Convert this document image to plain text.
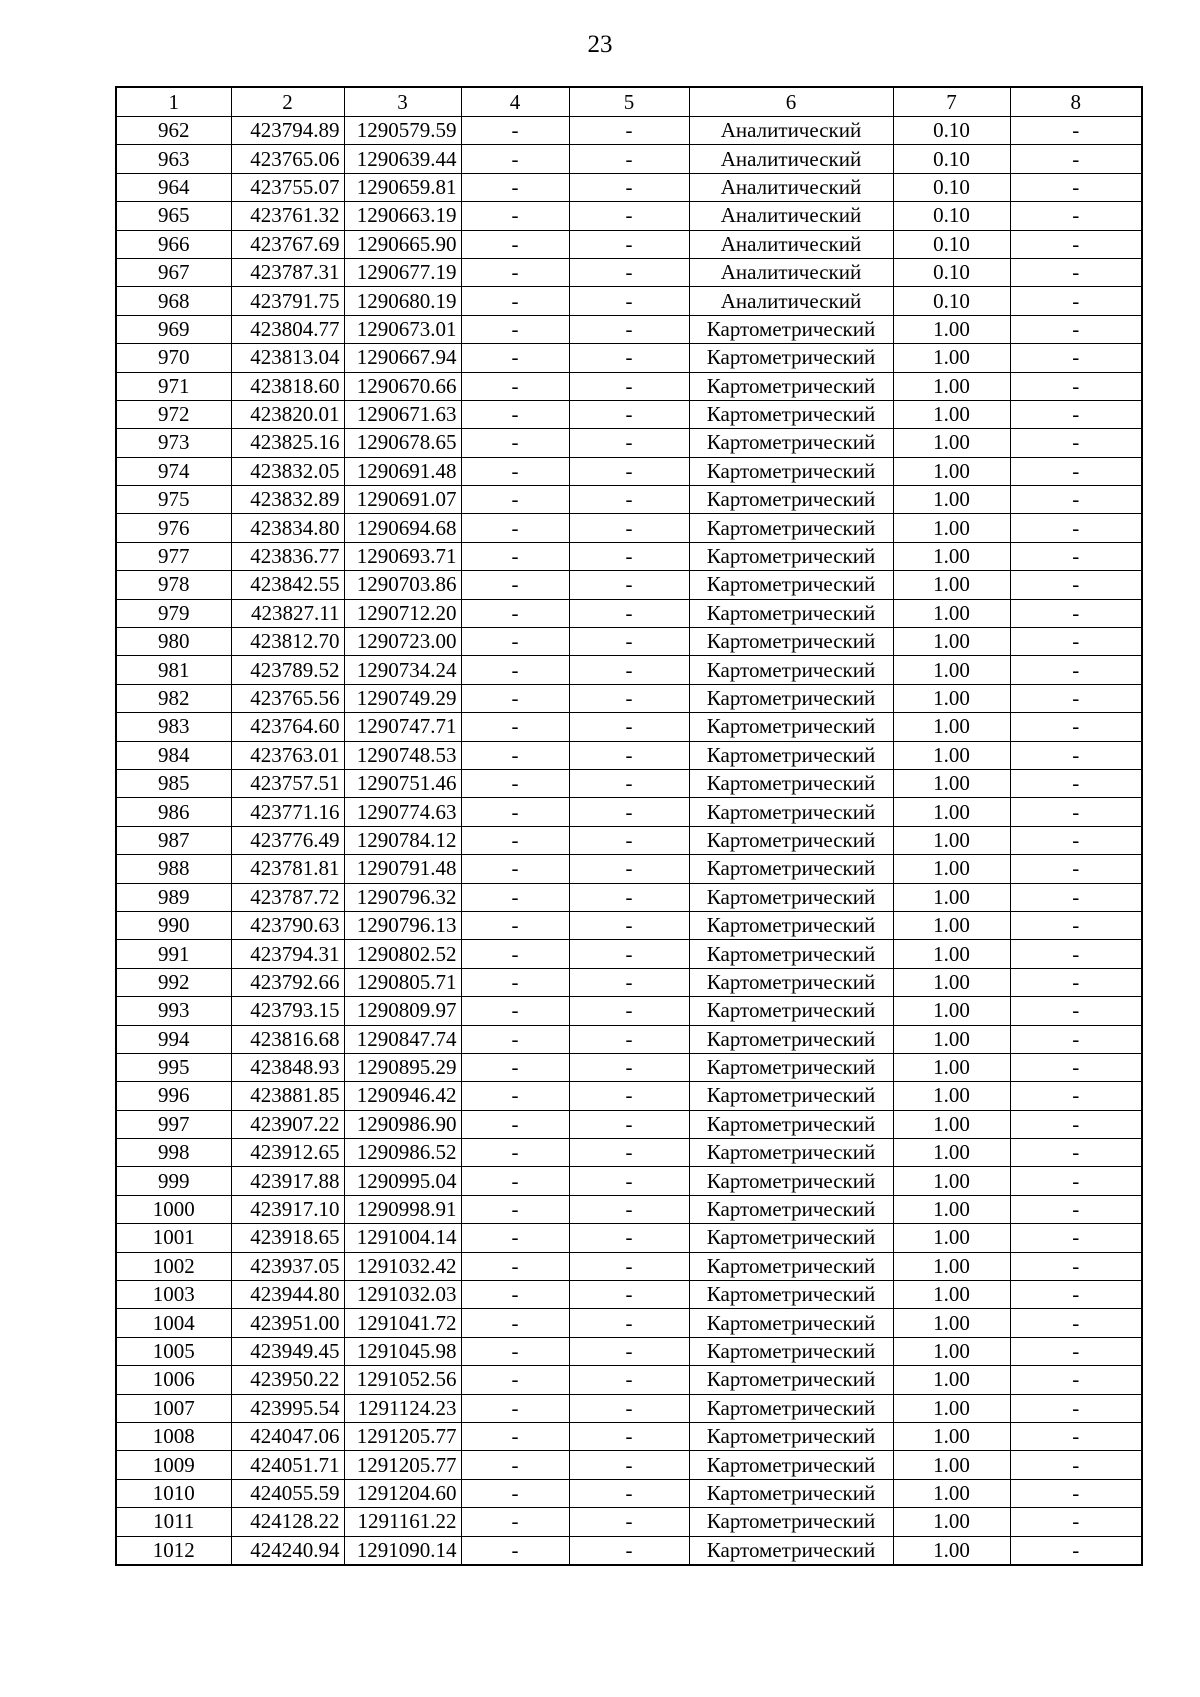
23
1	2	3	4	5	6	7	8
962	423794.89	1290579.59	-	-	Аналитический	0.10	-
963	423765.06	1290639.44	-	-	Аналитический	0.10	-
964	423755.07	1290659.81	-	-	Аналитический	0.10	-
965	423761.32	1290663.19	-	-	Аналитический	0.10	-
966	423767.69	1290665.90	-	-	Аналитический	0.10	-
967	423787.31	1290677.19	-	-	Аналитический	0.10	-
968	423791.75	1290680.19	-	-	Аналитический	0.10	-
969	423804.77	1290673.01	-	-	Картометрический	1.00	-
970	423813.04	1290667.94	-	-	Картометрический	1.00	-
971	423818.60	1290670.66	-	-	Картометрический	1.00	-
972	423820.01	1290671.63	-	-	Картометрический	1.00	-
973	423825.16	1290678.65	-	-	Картометрический	1.00	-
974	423832.05	1290691.48	-	-	Картометрический	1.00	-
975	423832.89	1290691.07	-	-	Картометрический	1.00	-
976	423834.80	1290694.68	-	-	Картометрический	1.00	-
977	423836.77	1290693.71	-	-	Картометрический	1.00	-
978	423842.55	1290703.86	-	-	Картометрический	1.00	-
979	423827.11	1290712.20	-	-	Картометрический	1.00	-
980	423812.70	1290723.00	-	-	Картометрический	1.00	-
981	423789.52	1290734.24	-	-	Картометрический	1.00	-
982	423765.56	1290749.29	-	-	Картометрический	1.00	-
983	423764.60	1290747.71	-	-	Картометрический	1.00	-
984	423763.01	1290748.53	-	-	Картометрический	1.00	-
985	423757.51	1290751.46	-	-	Картометрический	1.00	-
986	423771.16	1290774.63	-	-	Картометрический	1.00	-
987	423776.49	1290784.12	-	-	Картометрический	1.00	-
988	423781.81	1290791.48	-	-	Картометрический	1.00	-
989	423787.72	1290796.32	-	-	Картометрический	1.00	-
990	423790.63	1290796.13	-	-	Картометрический	1.00	-
991	423794.31	1290802.52	-	-	Картометрический	1.00	-
992	423792.66	1290805.71	-	-	Картометрический	1.00	-
993	423793.15	1290809.97	-	-	Картометрический	1.00	-
994	423816.68	1290847.74	-	-	Картометрический	1.00	-
995	423848.93	1290895.29	-	-	Картометрический	1.00	-
996	423881.85	1290946.42	-	-	Картометрический	1.00	-
997	423907.22	1290986.90	-	-	Картометрический	1.00	-
998	423912.65	1290986.52	-	-	Картометрический	1.00	-
999	423917.88	1290995.04	-	-	Картометрический	1.00	-
1000	423917.10	1290998.91	-	-	Картометрический	1.00	-
1001	423918.65	1291004.14	-	-	Картометрический	1.00	-
1002	423937.05	1291032.42	-	-	Картометрический	1.00	-
1003	423944.80	1291032.03	-	-	Картометрический	1.00	-
1004	423951.00	1291041.72	-	-	Картометрический	1.00	-
1005	423949.45	1291045.98	-	-	Картометрический	1.00	-
1006	423950.22	1291052.56	-	-	Картометрический	1.00	-
1007	423995.54	1291124.23	-	-	Картометрический	1.00	-
1008	424047.06	1291205.77	-	-	Картометрический	1.00	-
1009	424051.71	1291205.77	-	-	Картометрический	1.00	-
1010	424055.59	1291204.60	-	-	Картометрический	1.00	-
1011	424128.22	1291161.22	-	-	Картометрический	1.00	-
1012	424240.94	1291090.14	-	-	Картометрический	1.00	-
